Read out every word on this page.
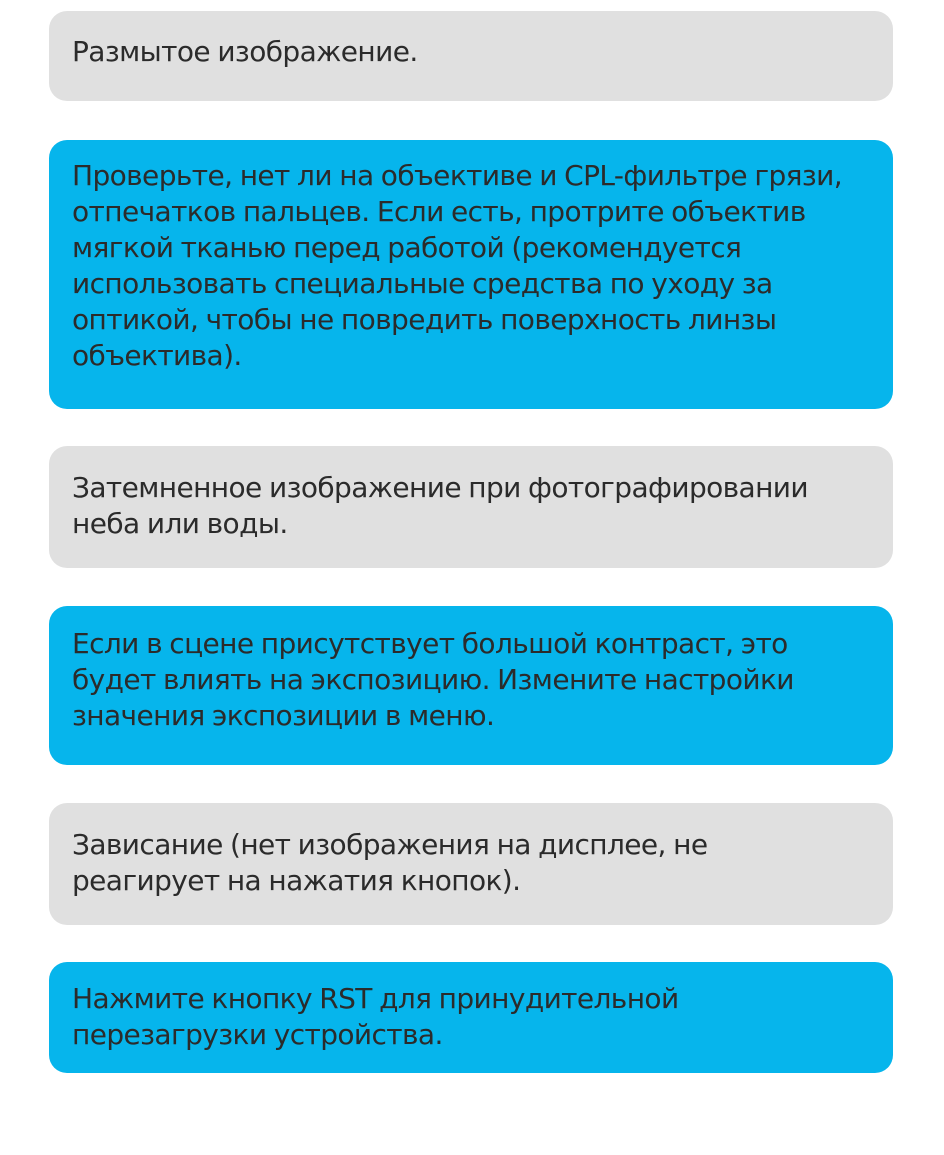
Размытое изображение.

Проверьте, нет ли на объективе и CPL-фильтре грязи,
отпечатков пальцев. Если есть, протрите объектив
мягкой тканью перед работой (рекомендуется
использовать специальные средства по уходу за
оптикой, чтобы не повредить поверхность линзы
объектива).

Затемненное изображение при фотографировании
неба или воды.

Если в сцене присутствует большой контраст, это
будет влиять на экспозицию. Измените настройки
значения экспозиции в меню.

Зависание (нет изображения на дисплее, не
реагирует на нажатия кнопок).

Нажмите кнопку RST для принудительной
перезагрузки устройства.
